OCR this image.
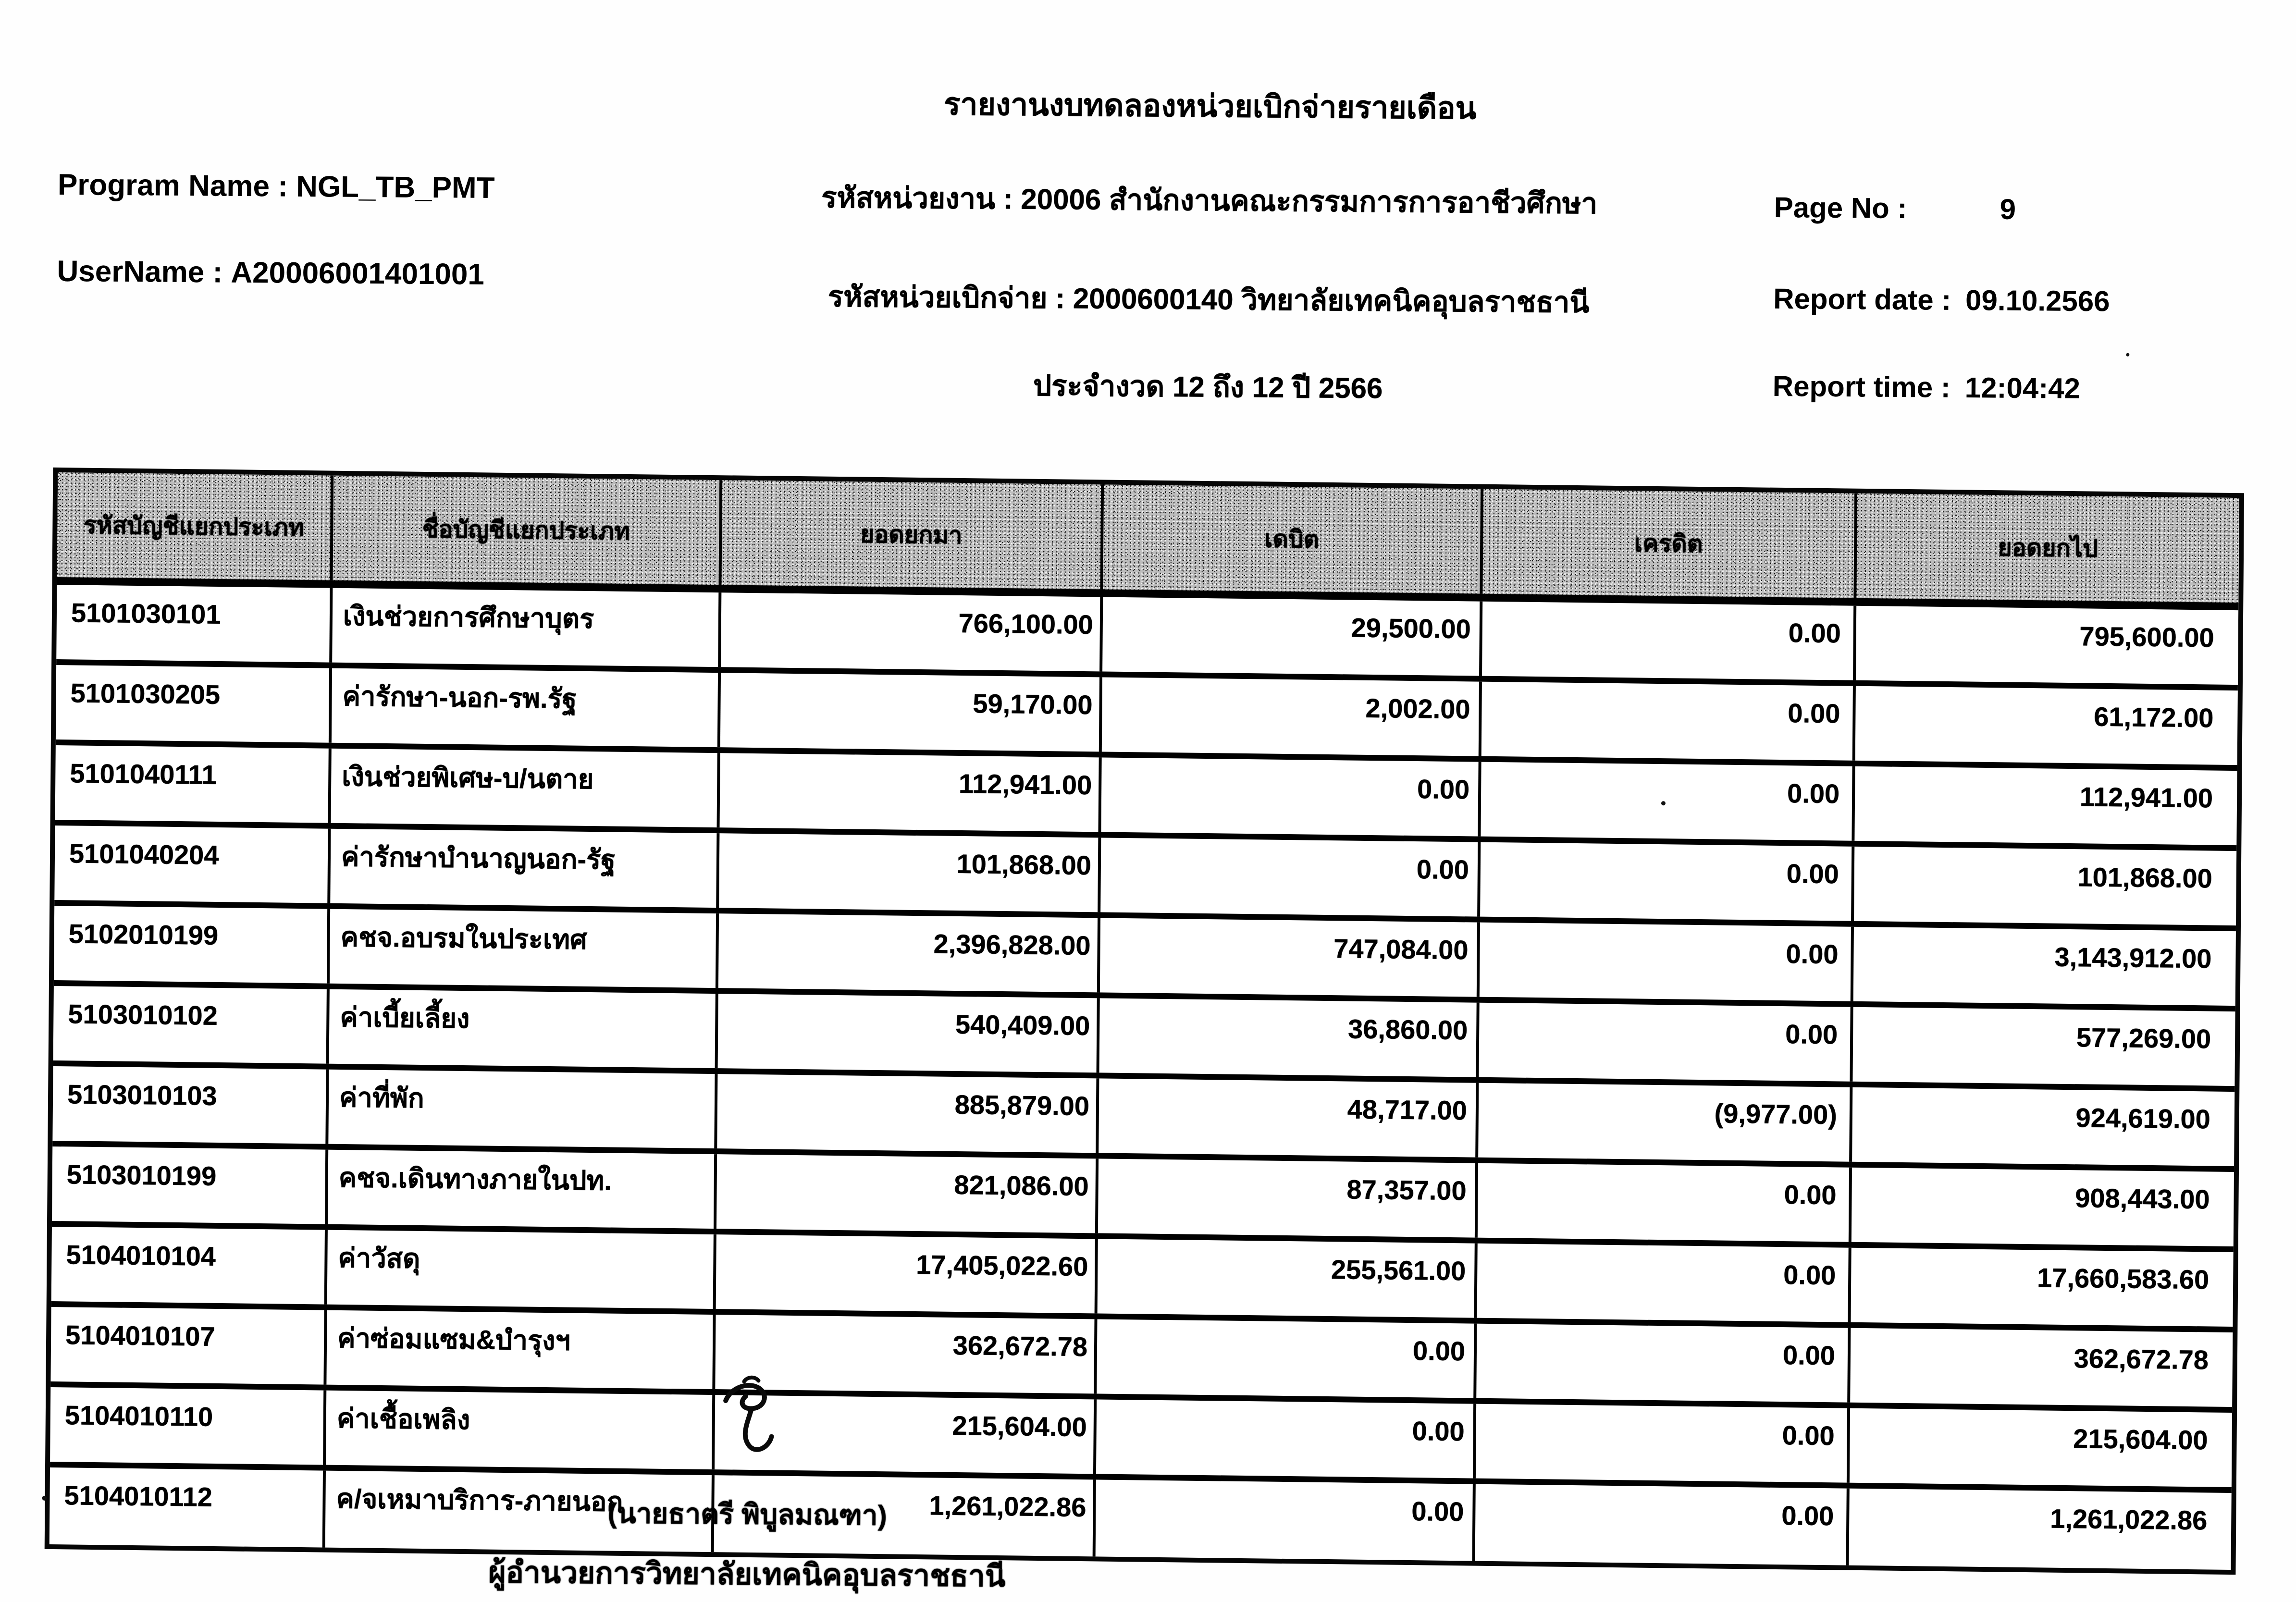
รายงานงบทดลองหน่วยเบิกจ่ายรายเดือน
Program Name : NGL_TB_PMT
UserName : A20006001401001
รหัสหน่วยงาน : 20006 สำนักงานคณะกรรมการการอาชีวศึกษา
รหัสหน่วยเบิกจ่าย : 2000600140 วิทยาลัยเทคนิคอุบลราชธานี
ประจำงวด 12 ถึง 12 ปี 2566
Page No :	9
Report date : 09.10.2566
Report time : 12:04:42
รหัสบัญชีแยกประเภท	ชื่อบัญชีแยกประเภท	ยอดยกมา	เดบิต	เครดิต	ยอดยกไป
5101030101	เงินช่วยการศึกษาบุตร	766,100.00	29,500.00	0.00	795,600.00
5101030205	ค่ารักษา-นอก-รพ.รัฐ	59,170.00	2,002.00	0.00	61,172.00
5101040111	เงินช่วยพิเศษ-บ/นตาย	112,941.00	0.00	0.00	112,941.00
5101040204	ค่ารักษาบำนาญนอก-รัฐ	101,868.00	0.00	0.00	101,868.00
5102010199	คชจ.อบรมในประเทศ	2,396,828.00	747,084.00	0.00	3,143,912.00
5103010102	ค่าเบี้ยเลี้ยง	540,409.00	36,860.00	0.00	577,269.00
5103010103	ค่าที่พัก	885,879.00	48,717.00	(9,977.00)	924,619.00
5103010199	คชจ.เดินทางภายในปท.	821,086.00	87,357.00	0.00	908,443.00
5104010104	ค่าวัสดุ	17,405,022.60	255,561.00	0.00	17,660,583.60
5104010107	ค่าซ่อมแซม&บำรุงฯ	362,672.78	0.00	0.00	362,672.78
5104010110	ค่าเชื้อเพลิง	215,604.00	0.00	0.00	215,604.00
5104010112	ค/จเหมาบริการ-ภายนอก	1,261,022.86	0.00	0.00	1,261,022.86
(นายธาตรี พิบูลมณฑา)
ผู้อำนวยการวิทยาลัยเทคนิคอุบลราชธานี
